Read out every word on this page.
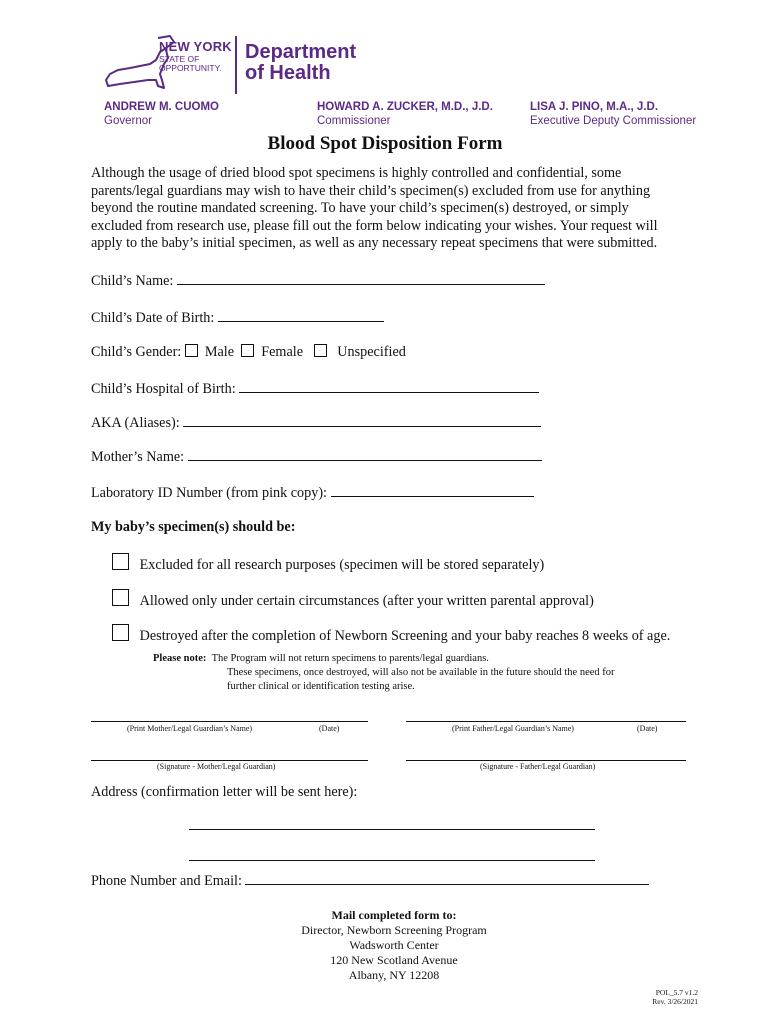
NEW YORK
STATE OF
OPPORTUNITY.
Department
of Health
ANDREW M. CUOMO
Governor
HOWARD A. ZUCKER, M.D., J.D.
Commissioner
LISA J. PINO, M.A., J.D.
Executive Deputy Commissioner
Blood Spot Disposition Form
Although the usage of dried blood spot specimens is highly controlled and confidential, some
parents/legal guardians may wish to have their child’s specimen(s) excluded from use for anything
beyond the routine mandated screening. To have your child’s specimen(s) destroyed, or simply
excluded from research use, please fill out the form below indicating your wishes. Your request will
apply to the baby’s initial specimen, as well as any necessary repeat specimens that were submitted.
Child’s Name:
Child’s Date of Birth:
Child’s Gender: Male Female Unspecified
Child’s Hospital of Birth:
AKA (Aliases):
Mother’s Name:
Laboratory ID Number (from pink copy):
My baby’s specimen(s) should be:
Excluded for all research purposes (specimen will be stored separately)
Allowed only under certain circumstances (after your written parental approval)
Destroyed after the completion of Newborn Screening and your baby reaches 8 weeks of age.
Please note: The Program will not return specimens to parents/legal guardians.
These specimens, once destroyed, will also not be available in the future should the need for
further clinical or identification testing arise.
(Print Mother/Legal Guardian’s Name)	(Date)	(Print Father/Legal Guardian’s Name)	(Date)
(Signature - Mother/Legal Guardian)	(Signature - Father/Legal Guardian)
Address (confirmation letter will be sent here):
Phone Number and Email:
Mail completed form to:
Director, Newborn Screening Program
Wadsworth Center
120 New Scotland Avenue
Albany, NY 12208
POL_5.7 v1.2
Rev. 3/26/2021
